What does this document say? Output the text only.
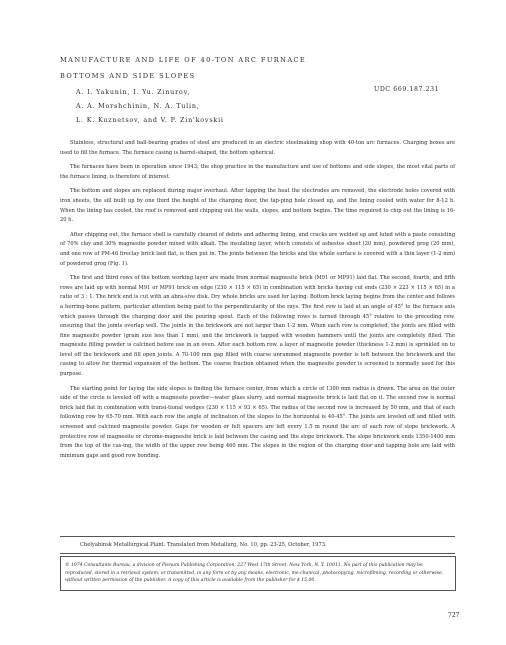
MANUFACTURE AND LIFE OF 40-TON ARC FURNACE
BOTTOMS AND SIDE SLOPES
A. I. Yakunin, I. Yu. Zinurov,
A. A. Morshchinin, N. A. Tulin,
L. K. Kuznetsov, and V. P. Zin'kovskii
UDC 669.187.231

Stainless, structural and ball-bearing grades of steel are produced in an electric steelmaking shop with 40-ton arc furnaces. Charging boxes are used to fill the furnace. The furnace casing is barrel-shaped, the bottom spherical.

The furnaces have been in operation since 1943; the shop practice in the manufacture and use of bottoms and side slopes, the most vital parts of the furnace lining, is therefore of interest.

The bottom and slopes are replaced during major overhaul. After tapping the heat the electrodes are removed, the electrode holes covered with iron sheets, the sill built up by one third the height of the charging door, the tap-ping hole closed up, and the lining cooled with water for 8-12 h. When the lining has cooled, the roof is removed and chipping out the walls, slopes, and bottom begins. The time required to chip out the lining is 16-20 h.

After chipping out, the furnace shell is carefully cleared of debris and adhering lining, and cracks are welded up and luted with a paste consisting of 70% clay and 30% magnesite powder mixed with alkali. The insulating layer, which consists of asbestos sheet (20 mm), powdered grog (20 mm), and one row of PM-46 fireclay brick laid flat, is then put in. The joints between the bricks and the whole surface is covered with a thin layer (1-2 mm) of powdered grog (Fig. 1).

The first and third rows of the bottom working layer are made from normal magnesite brick (M91 or MP91) laid flat. The second, fourth, and fifth rows are laid up with normal M91 or MP91 brick on edge (230 × 115 × 65) in combination with bricks having cut ends (230 × 223 × 115 × 65) in a ratio of 3 : 1. The brick end is cut with an abra-sive disk. Dry whole bricks are used for laying. Bottom brick laying begins from the center and follows a herring-bone pattern, particular attention being paid to the perpendicularity of the rays. The first row is laid at an angle of 45° to the furnace axis which passes through the charging door and the pouring spout. Each of the following rows is turned through 45° relative to the preceding row, ensuring that the joints overlap well. The joints in the brickwork are not larger than 1-2 mm. When each row is completed, the joints are filled with fine magnesite powder (grain size less than 1 mm), and the brickwork is tapped with wooden hammers until the joints are completely filled. The magnesite filling powder is calcined before use in an oven. After each bottom row, a layer of magnesite powder (thickness 1-2 mm) is sprinkled on to level off the brickwork and fill open joints. A 70-100 mm gap filled with coarse unrammed magnesite powder is left between the brickwork and the casing to allow for thermal expansion of the bottom. The coarse fraction obtained when the magnesite powder is screened is normally used for this purpose.

The starting point for laying the side slopes is finding the furnace center, from which a circle of 1300 mm radius is drawn. The area on the outer side of the circle is leveled off with a magnesite powder—water glass slurry, and normal magnesite brick is laid flat on it. The second row is normal brick laid flat in combination with transi-tional wedges (230 × 115 × 93 × 65). The radius of the second row is increased by 50 mm, and that of each following row by 65-70 mm. With each row the angle of inclination of the slopes to the horizontal is 40-45°. The joints are leveled off and filled with screened and calcined magnesite powder. Gaps for wooden or felt spacers are left every 1.5 m round the arc of each row of slope brickwork. A protective row of magnesite or chrome-magnesite brick is laid between the casing and the slope brickwork. The slope brickwork ends 1350-1400 mm from the top of the cas-ing, the width of the upper row being 460 mm. The slopes in the region of the charging door and tapping hole are laid with minimum gaps and good row bonding.

Chelyabinsk Metallurgical Plant. Translated from Metallurg, No. 10, pp. 23-25, October, 1973.
© 1974 Consultants Bureau, a division of Plenum Publishing Corporation, 227 West 17th Street, New York, N. Y. 10011. No part of this publication may be reproduced, stored in a retrieval system, or transmitted, in any form or by any means, electronic, me-chanical, photocopying, microfilming, recording or otherwise, without written permission of the publisher. A copy of this article is available from the publisher for $ 15.00.
727
